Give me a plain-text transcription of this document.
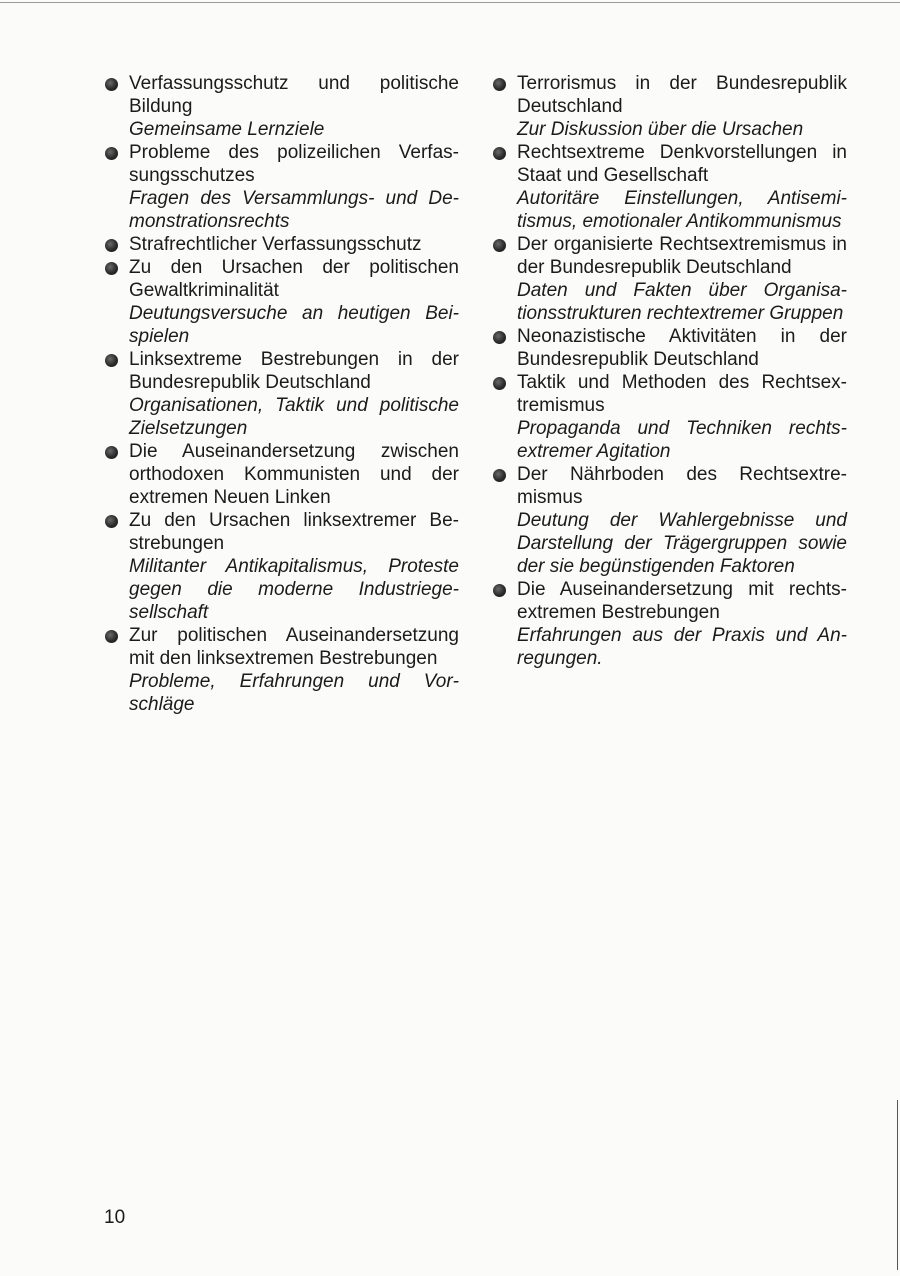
Verfassungsschutz und politische Bildung
Gemeinsame Lernziele
Probleme des polizeilichen Verfassungsschutzes
Fragen des Versammlungs- und Demonstrationsrechts
Strafrechtlicher Verfassungsschutz
Zu den Ursachen der politischen Gewaltkriminalität
Deutungsversuche an heutigen Beispielen
Linksextreme Bestrebungen in der Bundesrepublik Deutschland
Organisationen, Taktik und politische Zielsetzungen
Die Auseinandersetzung zwischen orthodoxen Kommunisten und der extremen Neuen Linken
Zu den Ursachen linksextremer Bestrebungen
Militanter Antikapitalismus, Proteste gegen die moderne Industriegesellschaft
Zur politischen Auseinandersetzung mit den linksextremen Bestrebungen
Probleme, Erfahrungen und Vorschläge
Terrorismus in der Bundesrepublik Deutschland
Zur Diskussion über die Ursachen
Rechtsextreme Denkvorstellungen in Staat und Gesellschaft
Autoritäre Einstellungen, Antisemitismus, emotionaler Antikommunismus
Der organisierte Rechtsextremismus in der Bundesrepublik Deutschland
Daten und Fakten über Organisationsstrukturen rechtextremer Gruppen
Neonazistische Aktivitäten in der Bundesrepublik Deutschland
Taktik und Methoden des Rechtsextremismus
Propaganda und Techniken rechtsextremer Agitation
Der Nährboden des Rechtsextremismus
Deutung der Wahlergebnisse und Darstellung der Trägergruppen sowie der sie begünstigenden Faktoren
Die Auseinandersetzung mit rechtsextremen Bestrebungen
Erfahrungen aus der Praxis und Anregungen.
10
